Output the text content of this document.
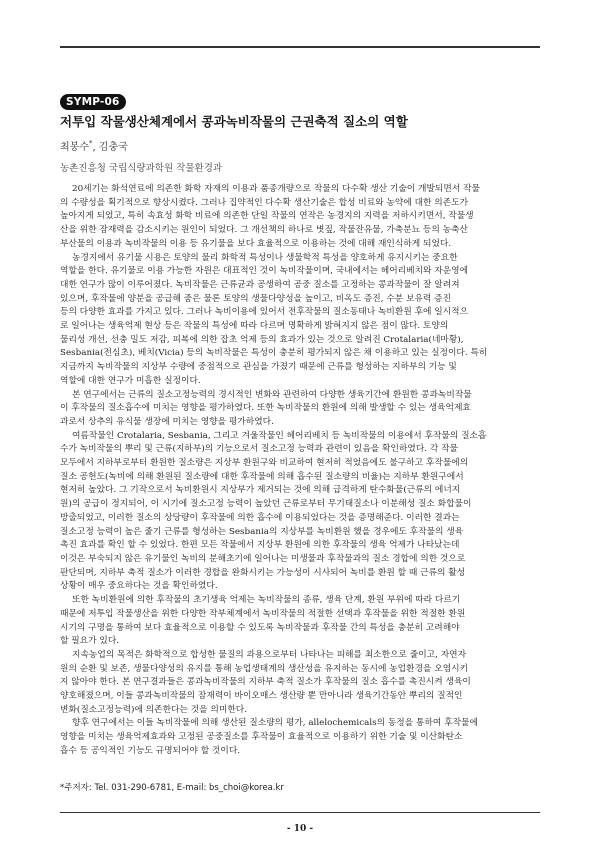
SYMP-06
저투입 작물생산체계에서 콩과녹비작물의 근권축적 질소의 역할
최봉수*, 김충국
농촌진흥청 국립식량과학원 작물환경과

20세기는 화석연료에 의존한 화학 자재의 이용과 품종개량으로 작물의 다수확 생산 기술이 개발되면서 작물
의 수량성을 획기적으로 향상시켰다. 그러나 집약적인 다수확 생산기술은 합성 비료와 농약에 대한 의존도가
높아지게 되었고, 특히 속효성 화학 비료에 의존한 단일 작물의 연작은 농경지의 지력을 저하시키면서, 작물생
산을 위한 잠재력을 감소시키는 원인이 되었다. 그 개선책의 하나로 볏짚, 작물잔유물, 가축분뇨 등의 농축산
부산물의 이용과 녹비작물의 이용 등 유기물을 보다 효율적으로 이용하는 것에 대해 재인식하게 되었다.

농경지에서 유기물 시용은 토양의 물리 화학적 특성이나 생물학적 특성을 양호하게 유지시키는 중요한
역할을 한다. 유기물로 이용 가능한 자원은 대표적인 것이 녹비작물이며, 국내에서는 헤어리베치와 자운영에
대한 연구가 많이 이루어졌다. 녹비작물은 근류균과 공생하여 공중 질소를 고정하는 콩과작물이 잘 알려져
있으며, 후작물에 양분을 공급해 줌은 물론 토양의 생물다양성을 높이고, 비옥도 증진, 수분 보유력 증진
등의 다양한 효과를 가지고 있다. 그러나 녹비이용에 있어서 전후작물의 질소동태나 녹비환원 후에 일시적으
로 일어나는 생육억제 현상 등은 작물의 특성에 따라 다르며 명확하게 밝혀지지 않은 점이 많다. 토양의
물리성 개선, 선충 밀도 저감, 피복에 의한 잡초 억제 등의 효과가 있는 것으로 알려진 Crotalaria(네마황),
Sesbania(전심초), 베치(Vicia) 등의 녹비작물은 특성이 충분히 평가되지 않은 채 이용하고 있는 실정이다. 특히
지금까지 녹비작물의 지상부 수량에 중점적으로 관심을 가졌기 때문에 근류를 형성하는 지하부의 기능 및
역할에 대한 연구가 미흡한 실정이다.

본 연구에서는 근류의 질소고정능력의 경시적인 변화와 관련하여 다양한 생육기간에 환원한 콩과녹비작물
이 후작물의 질소흡수에 미치는 영향을 평가하였다. 또한 녹비작물의 환원에 의해 발생할 수 있는 생육억제효
과로서 상추의 유식물 생장에 미치는 영향을 평가하였다.

여름작물인 Crotalaria, Sesbania, 그리고 겨울작물인 헤어리베치 등 녹비작물의 이용에서 후작물의 질소흡
수가 녹비작물의 뿌리 및 근류(지하부)의 기능으로서 질소고정 능력과 관련이 있음을 확인하였다. 각 작물
모두에서 지하부로부터 환원한 질소량은 지상부 환원구와 비교하여 현저히 적었음에도 불구하고 후작물에의
질소 공헌도(녹비에 의해 환원된 질소량에 대한 후작물에 의해 흡수된 질소량의 비율)는 지하부 환원구에서
현저히 높았다. 그 기작으로서 녹비환원시 지상부가 제거되는 것에 의해 급격하게 탄수화물(근류의 에너지
원)의 공급이 정지되어, 이 시기에 질소고정 능력이 높았던 근류로부터 무기태질소나 이분해성 질소 화합물이
방출되었고, 이러한 질소의 상당량이 후작물에 의한 흡수에 이용되었다는 것을 증명해준다. 이러한 결과는
질소고정 능력이 높은 줄기 근류를 형성하는 Sesbania의 지상부를 녹비환원 했을 경우에도 후작물의 생육
촉진 효과를 확인 할 수 있었다. 한편 모든 작물에서 지상부 환원에 의한 후작물의 생육 억제가 나타났는데
이것은 부숙되지 않은 유기물인 녹비의 분해초기에 일어나는 미생물과 후작물과의 질소 경합에 의한 것으로
판단되며, 지하부 축적 질소가 이러한 경합을 완화시키는 가능성이 시사되어 녹비를 환원 할 때 근류의 활성
상황이 매우 중요하다는 것을 확인하였다.

또한 녹비환원에 의한 후작물의 초기생육 억제는 녹비작물의 종류, 생육 단계, 환원 부위에 따라 다르기
때문에 저투입 작물생산을 위한 다양한 작부체계에서 녹비작물의 적절한 선택과 후작물을 위한 적절한 환원
시기의 구명을 통하여 보다 효율적으로 이용할 수 있도록 녹비작물과 후작물 간의 특성을 충분히 고려해야
할 필요가 있다.

지속농업의 목적은 화학적으로 합성한 물질의 과용으로부터 나타나는 피해를 최소한으로 줄이고, 자연자
원의 순환 및 보존, 생물다양성의 유지를 통해 농업생태계의 생산성을 유지하는 동시에 농업환경을 오염시키
지 않아야 한다. 본 연구결과들은 콩과녹비작물의 지하부 축적 질소가 후작물의 질소 흡수를 촉진시켜 생육이
양호해졌으며, 이들 콩과녹비작물의 잠재력이 바이오매스 생산량 뿐 만아니라 생육기간동안 뿌리의 질적인
변화(질소고정능력)에 의존한다는 것을 의미한다.

향후 연구에서는 이들 녹비작물에 의해 생산된 질소량의 평가, allelochemicals의 동정을 통하여 후작물에
영향을 미치는 생육억제효과와 고정된 공중질소를 후작물이 효율적으로 이용하기 위한 기술 및 이산화탄소
흡수 등 공익적인 기능도 규명되어야 할 것이다.

*주저자: Tel. 031-290-6781, E-mail: bs_choi@korea.kr
- 10 -
